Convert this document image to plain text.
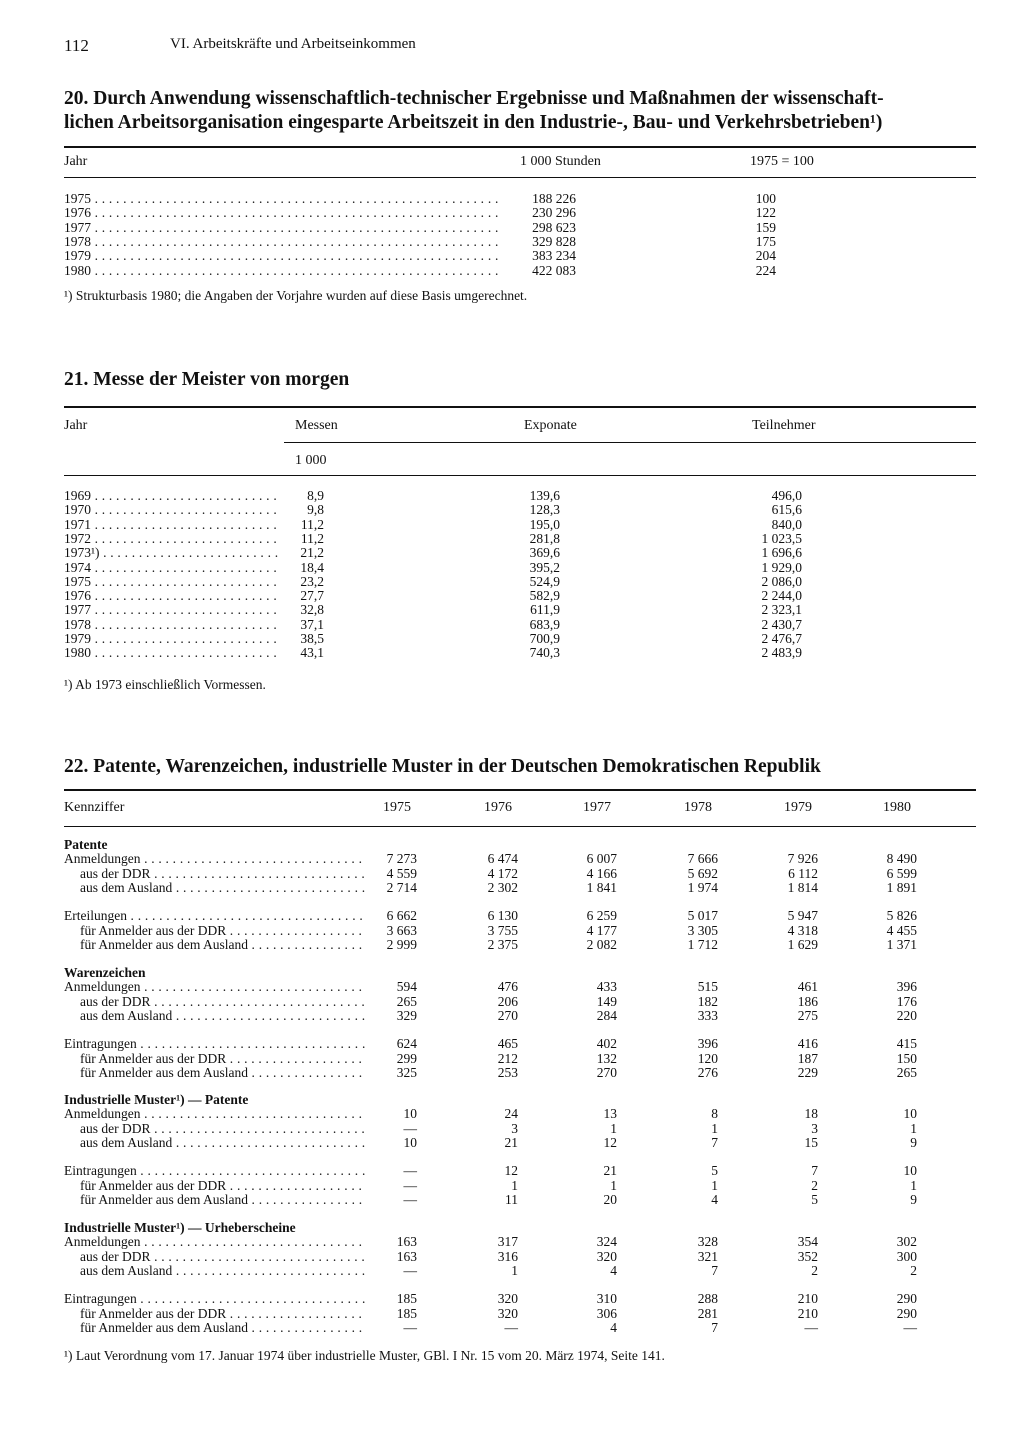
112	VI. Arbeitskräfte und Arbeitseinkommen
20. Durch Anwendung wissenschaftlich-technischer Ergebnisse und Maßnahmen der wissenschaft-
lichen Arbeitsorganisation eingesparte Arbeitszeit in den Industrie-, Bau- und Verkehrsbetrieben¹)
Jahr	1 000 Stunden	1975 = 100
1975 . . .	188 226	100
1976 . . .	230 296	122
1977 . . .	298 623	159
1978 . . .	329 828	175
1979 . . .	383 234	204
1980 . . .	422 083	224
¹) Strukturbasis 1980; die Angaben der Vorjahre wurden auf diese Basis umgerechnet.
21. Messe der Meister von morgen
Jahr	Messen	Exponate	Teilnehmer
1 000
1969 . . .	8,9	139,6	496,0
1970 . . .	9,8	128,3	615,6
1971 . . .	11,2	195,0	840,0
1972 . . .	11,2	281,8	1 023,5
1973¹) . . .	21,2	369,6	1 696,6
1974 . . .	18,4	395,2	1 929,0
1975 . . .	23,2	524,9	2 086,0
1976 . . .	27,7	582,9	2 244,0
1977 . . .	32,8	611,9	2 323,1
1978 . . .	37,1	683,9	2 430,7
1979 . . .	38,5	700,9	2 476,7
1980 . . .	43,1	740,3	2 483,9
¹) Ab 1973 einschließlich Vormessen.
22. Patente, Warenzeichen, industrielle Muster in der Deutschen Demokratischen Republik
Kennziffer	1975	1976	1977	1978	1979	1980
Patente
Anmeldungen . . .	7 273	6 474	6 007	7 666	7 926	8 490
aus der DDR . . .	4 559	4 172	4 166	5 692	6 112	6 599
aus dem Ausland . . .	2 714	2 302	1 841	1 974	1 814	1 891
Erteilungen . . .	6 662	6 130	6 259	5 017	5 947	5 826
für Anmelder aus der DDR . . .	3 663	3 755	4 177	3 305	4 318	4 455
für Anmelder aus dem Ausland . . .	2 999	2 375	2 082	1 712	1 629	1 371
Warenzeichen
Anmeldungen . . .	594	476	433	515	461	396
aus der DDR . . .	265	206	149	182	186	176
aus dem Ausland . . .	329	270	284	333	275	220
Eintragungen . . .	624	465	402	396	416	415
für Anmelder aus der DDR . . .	299	212	132	120	187	150
für Anmelder aus dem Ausland . . .	325	253	270	276	229	265
Industrielle Muster¹) — Patente
Anmeldungen . . .	10	24	13	8	18	10
aus der DDR . . .	—	3	1	1	3	1
aus dem Ausland . . .	10	21	12	7	15	9
Eintragungen . . .	—	12	21	5	7	10
für Anmelder aus der DDR . . .	—	1	1	1	2	1
für Anmelder aus dem Ausland . . .	—	11	20	4	5	9
Industrielle Muster¹) — Urheberscheine
Anmeldungen . . .	163	317	324	328	354	302
aus der DDR . . .	163	316	320	321	352	300
aus dem Ausland . . .	—	1	4	7	2	2
Eintragungen . . .	185	320	310	288	210	290
für Anmelder aus der DDR . . .	185	320	306	281	210	290
für Anmelder aus dem Ausland . . .	—	—	4	7	—	—
¹) Laut Verordnung vom 17. Januar 1974 über industrielle Muster, GBl. I Nr. 15 vom 20. März 1974, Seite 141.
